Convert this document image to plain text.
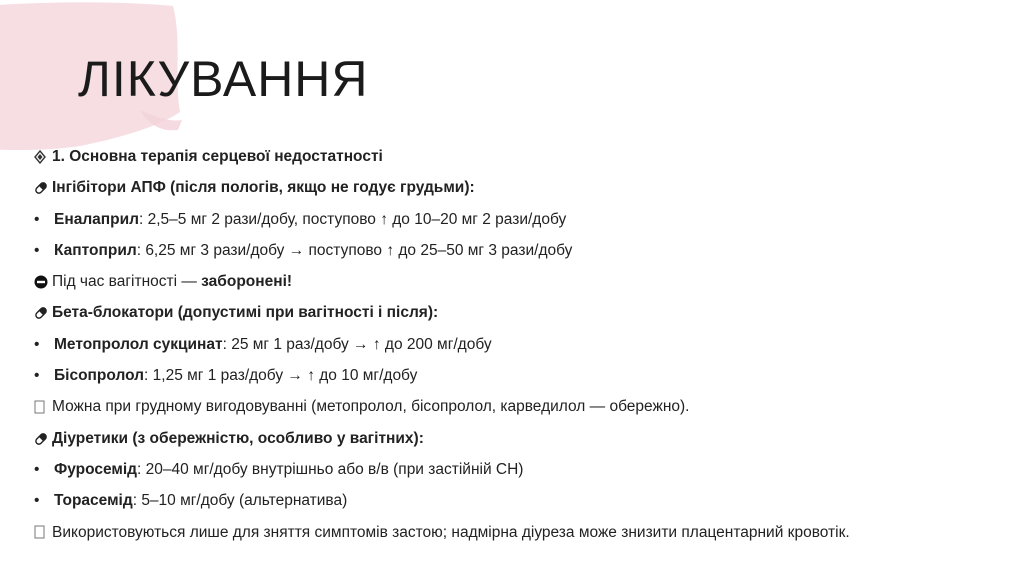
ЛІКУВАННЯ
1. Основна терапія серцевої недостатності
Інгібітори АПФ (після пологів, якщо не годує грудьми):
• Еналаприл: 2,5–5 мг 2 рази/добу, поступово ↑ до 10–20 мг 2 рази/добу
• Каптоприл: 6,25 мг 3 рази/добу → поступово ↑ до 25–50 мг 3 рази/добу
Під час вагітності — заборонені!
Бета-блокатори (допустимі при вагітності і після):
• Метопролол сукцинат: 25 мг 1 раз/добу → ↑ до 200 мг/добу
• Бісопролол: 1,25 мг 1 раз/добу → ↑ до 10 мг/добу
Можна при грудному вигодовуванні (метопролол, бісопролол, карведилол — обережно).
Діуретики (з обережністю, особливо у вагітних):
• Фуросемід: 20–40 мг/добу внутрішньо або в/в (при застійній СН)
• Торасемід: 5–10 мг/добу (альтернатива)
Використовуються лише для зняття симптомів застою; надмірна діуреза може знизити плацентарний кровотік.
